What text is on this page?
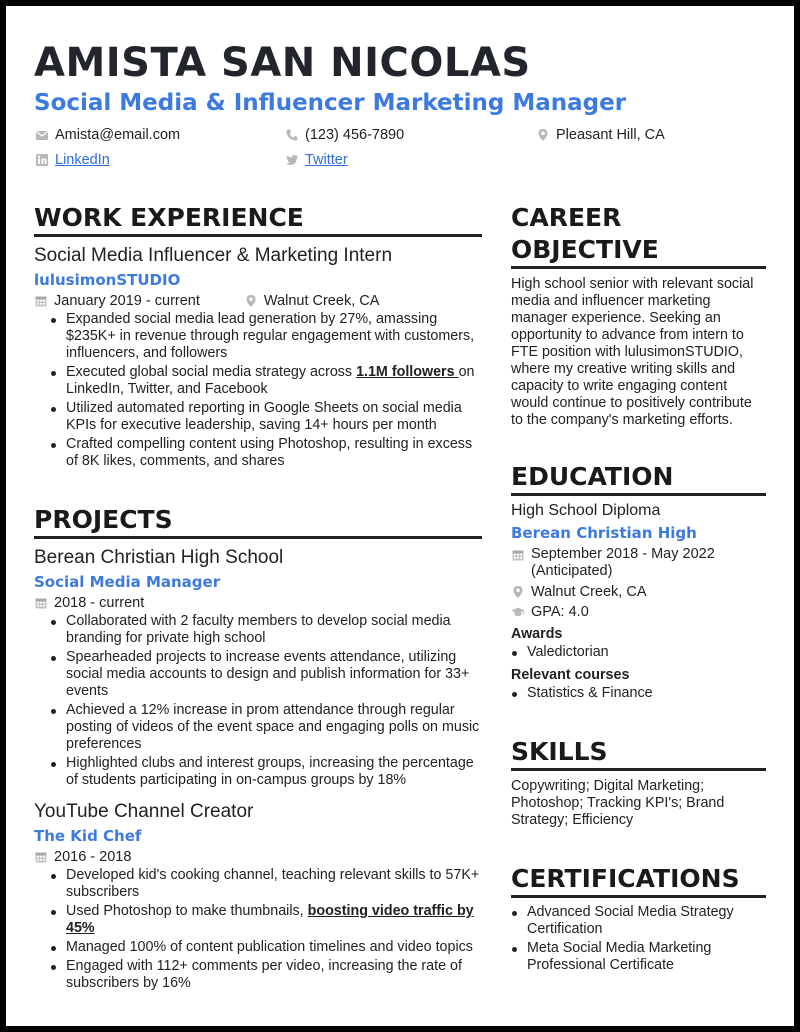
AMISTA SAN NICOLAS
Social Media & Influencer Marketing Manager
Amista@email.com	(123) 456-7890	Pleasant Hill, CA
LinkedIn	Twitter
WORK EXPERIENCE
Social Media Influencer & Marketing Intern
lulusimonSTUDIO
January 2019 - current	Walnut Creek, CA
Expanded social media lead generation by 27%, amassing $235K+ in revenue through regular engagement with customers, influencers, and followers
Executed global social media strategy across 1.1M followers on LinkedIn, Twitter, and Facebook
Utilized automated reporting in Google Sheets on social media KPIs for executive leadership, saving 14+ hours per month
Crafted compelling content using Photoshop, resulting in excess of 8K likes, comments, and shares
PROJECTS
Berean Christian High School
Social Media Manager
2018 - current
Collaborated with 2 faculty members to develop social media branding for private high school
Spearheaded projects to increase events attendance, utilizing social media accounts to design and publish information for 33+ events
Achieved a 12% increase in prom attendance through regular posting of videos of the event space and engaging polls on music preferences
Highlighted clubs and interest groups, increasing the percentage of students participating in on-campus groups by 18%
YouTube Channel Creator
The Kid Chef
2016 - 2018
Developed kid's cooking channel, teaching relevant skills to 57K+ subscribers
Used Photoshop to make thumbnails, boosting video traffic by 45%
Managed 100% of content publication timelines and video topics
Engaged with 112+ comments per video, increasing the rate of subscribers by 16%
CAREER
OBJECTIVE
High school senior with relevant social media and influencer marketing manager experience. Seeking an opportunity to advance from intern to FTE position with lulusimonSTUDIO, where my creative writing skills and capacity to write engaging content would continue to positively contribute to the company's marketing efforts.
EDUCATION
High School Diploma
Berean Christian High
September 2018 - May 2022
(Anticipated)
Walnut Creek, CA
GPA: 4.0
Awards
Valedictorian
Relevant courses
Statistics & Finance
SKILLS
Copywriting; Digital Marketing; Photoshop; Tracking KPI's; Brand Strategy; Efficiency
CERTIFICATIONS
Advanced Social Media Strategy Certification
Meta Social Media Marketing Professional Certificate
